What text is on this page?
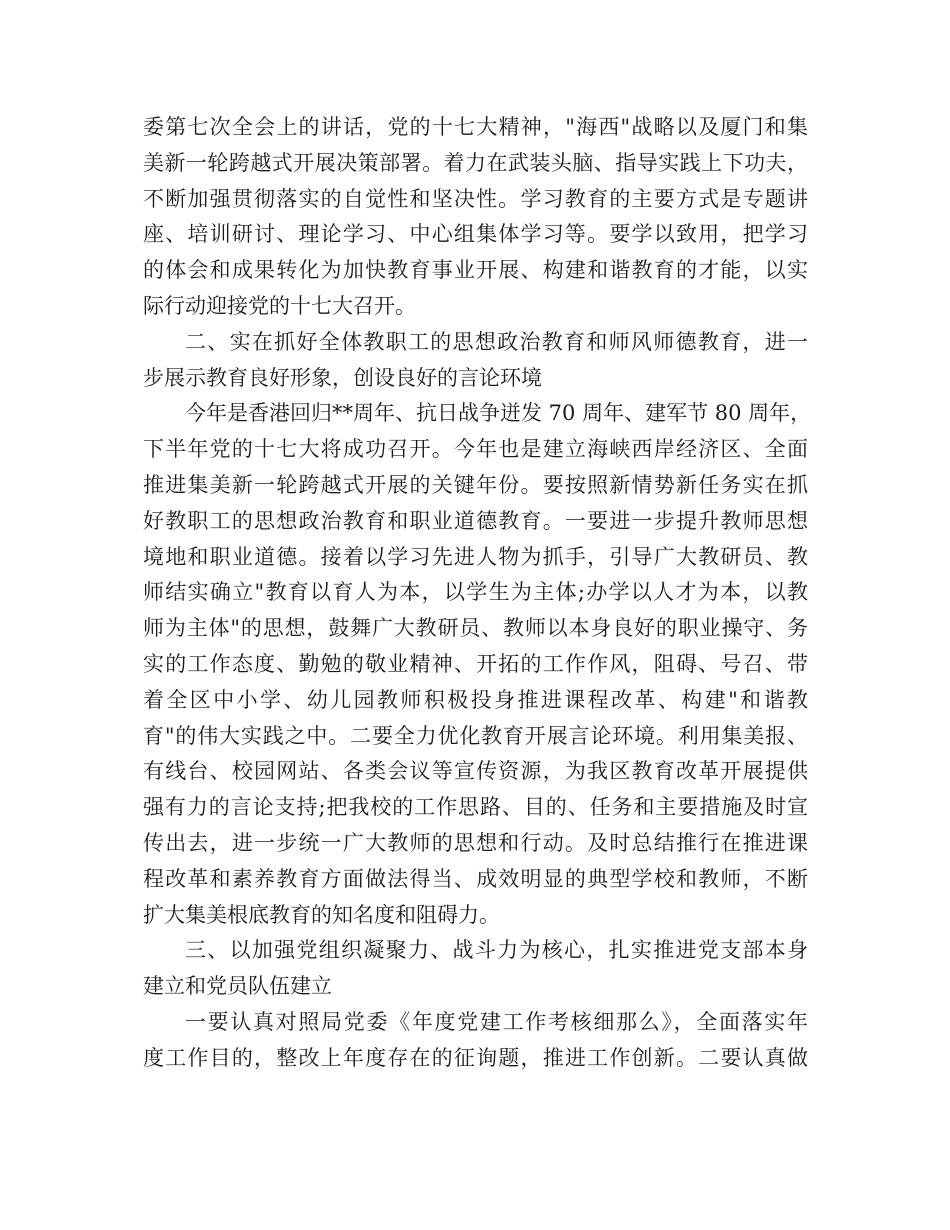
委第七次全会上的讲话，党的十七大精神，"海西"战略以及厦门和集
美新一轮跨越式开展决策部署。着力在武装头脑、指导实践上下功夫，
不断加强贯彻落实的自觉性和坚决性。学习教育的主要方式是专题讲
座、培训研讨、理论学习、中心组集体学习等。要学以致用，把学习
的体会和成果转化为加快教育事业开展、构建和谐教育的才能，以实
际行动迎接党的十七大召开。
二、实在抓好全体教职工的思想政治教育和师风师德教育，进一
步展示教育良好形象，创设良好的言论环境
今年是香港回归**周年、抗日战争迸发 70 周年、建军节 80 周年，
下半年党的十七大将成功召开。今年也是建立海峡西岸经济区、全面
推进集美新一轮跨越式开展的关键年份。要按照新情势新任务实在抓
好教职工的思想政治教育和职业道德教育。一要进一步提升教师思想
境地和职业道德。接着以学习先进人物为抓手，引导广大教研员、教
师结实确立"教育以育人为本，以学生为主体;办学以人才为本，以教
师为主体"的思想，鼓舞广大教研员、教师以本身良好的职业操守、务
实的工作态度、勤勉的敬业精神、开拓的工作作风，阻碍、号召、带
着全区中小学、幼儿园教师积极投身推进课程改革、构建"和谐教
育"的伟大实践之中。二要全力优化教育开展言论环境。利用集美报、
有线台、校园网站、各类会议等宣传资源，为我区教育改革开展提供
强有力的言论支持;把我校的工作思路、目的、任务和主要措施及时宣
传出去，进一步统一广大教师的思想和行动。及时总结推行在推进课
程改革和素养教育方面做法得当、成效明显的典型学校和教师，不断
扩大集美根底教育的知名度和阻碍力。
三、以加强党组织凝聚力、战斗力为核心，扎实推进党支部本身
建立和党员队伍建立
一要认真对照局党委《年度党建工作考核细那么》，全面落实年
度工作目的，整改上年度存在的征询题，推进工作创新。二要认真做
